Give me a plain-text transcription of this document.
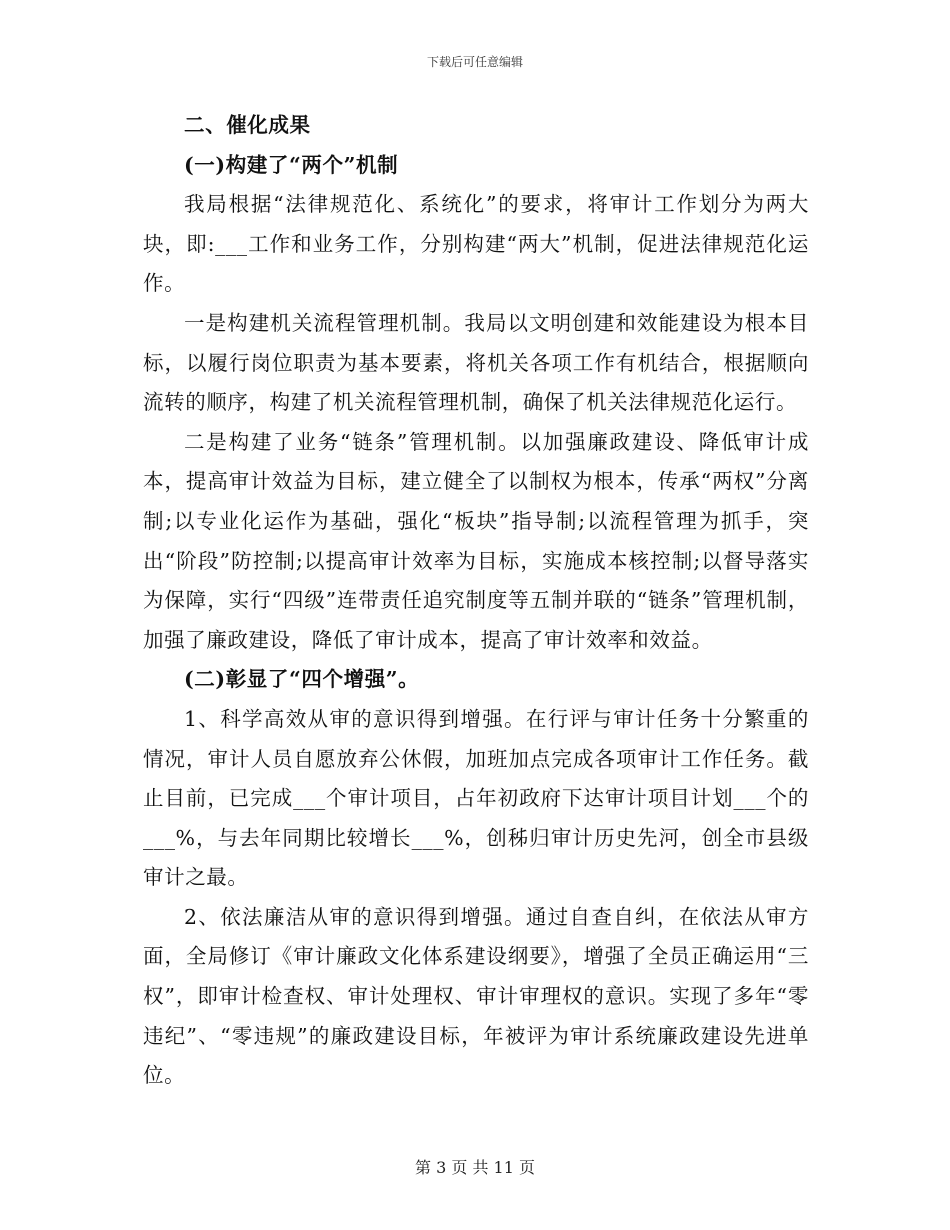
下载后可任意编辑

二、催化成果

(一)构建了“两个”机制

我局根据“法律规范化、系统化”的要求，将审计工作划分为两大块，即:___工作和业务工作，分别构建“两大”机制，促进法律规范化运作。

一是构建机关流程管理机制。我局以文明创建和效能建设为根本目标，以履行岗位职责为基本要素，将机关各项工作有机结合，根据顺向流转的顺序，构建了机关流程管理机制，确保了机关法律规范化运行。

二是构建了业务“链条”管理机制。以加强廉政建设、降低审计成本，提高审计效益为目标，建立健全了以制权为根本，传承“两权”分离制;以专业化运作为基础，强化“板块”指导制;以流程管理为抓手，突出“阶段”防控制;以提高审计效率为目标，实施成本核控制;以督导落实为保障，实行“四级”连带责任追究制度等五制并联的“链条”管理机制，加强了廉政建设，降低了审计成本，提高了审计效率和效益。

(二)彰显了“四个增强”。

1、科学高效从审的意识得到增强。在行评与审计任务十分繁重的情况，审计人员自愿放弃公休假，加班加点完成各项审计工作任务。截止目前，已完成___个审计项目，占年初政府下达审计项目计划___个的___%，与去年同期比较增长___%，创秭归审计历史先河，创全市县级审计之最。

2、依法廉洁从审的意识得到增强。通过自查自纠，在依法从审方面，全局修订《审计廉政文化体系建设纲要》，增强了全员正确运用“三权”，即审计检查权、审计处理权、审计审理权的意识。实现了多年“零违纪”、“零违规”的廉政建设目标，年被评为审计系统廉政建设先进单位。

第 3 页 共 11 页
